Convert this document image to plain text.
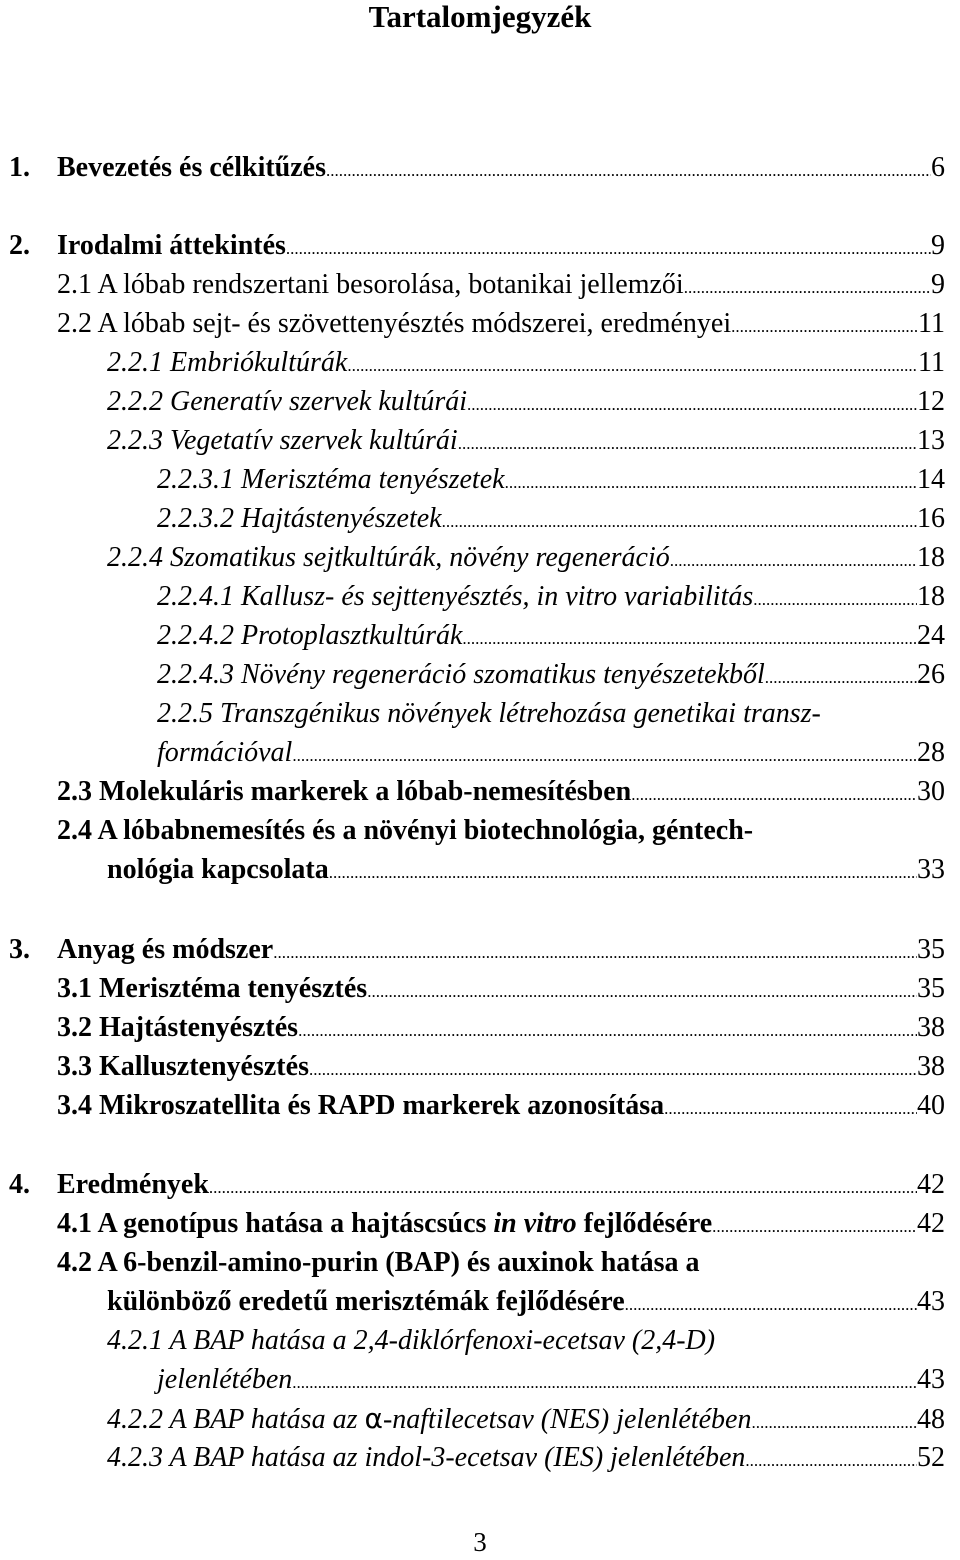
Tartalomjegyzék
1. Bevezetés és célkitűzés .....	6
2. Irodalmi áttekintés .....	9
2.1 A lóbab rendszertani besorolása, botanikai jellemzői .....	9
2.2 A lóbab sejt- és szövettenyésztés módszerei, eredményei .....	11
2.2.1 Embriókultúrák .....	11
2.2.2 Generatív szervek kultúrái .....	12
2.2.3 Vegetatív szervek kultúrái .....	13
2.2.3.1 Merisztéma tenyészetek .....	14
2.2.3.2 Hajtástenyészetek .....	16
2.2.4 Szomatikus sejtkultúrák, növény regeneráció .....	18
2.2.4.1 Kallusz- és sejttenyésztés, in vitro variabilitás .....	18
2.2.4.2 Protoplasztkultúrák .....	24
2.2.4.3 Növény regeneráció szomatikus tenyészetekből .....	26
2.2.5 Transzgénikus növények létrehozása genetikai transz-
formációval .....	28
2.3 Molekuláris markerek a lóbab-nemesítésben .....	30
2.4 A lóbabnemesítés és a növényi biotechnológia, géntech-
nológia kapcsolata .....	33
3. Anyag és módszer .....	35
3.1 Merisztéma tenyésztés .....	35
3.2 Hajtástenyésztés .....	38
3.3 Kallusztenyésztés .....	38
3.4 Mikroszatellita és RAPD markerek azonosítása .....	40
4. Eredmények .....	42
4.1 A genotípus hatása a hajtáscsúcs in vitro fejlődésére .....	42
4.2 A 6-benzil-amino-purin (BAP) és auxinok hatása a
különböző eredetű merisztémák fejlődésére .....	43
4.2.1 A BAP hatása a 2,4-diklórfenoxi-ecetsav (2,4-D)
jelenlétében .....	43
4.2.2 A BAP hatása az α-naftilecetsav (NES) jelenlétében .....	48
4.2.3 A BAP hatása az indol-3-ecetsav (IES) jelenlétében .....	52
3
